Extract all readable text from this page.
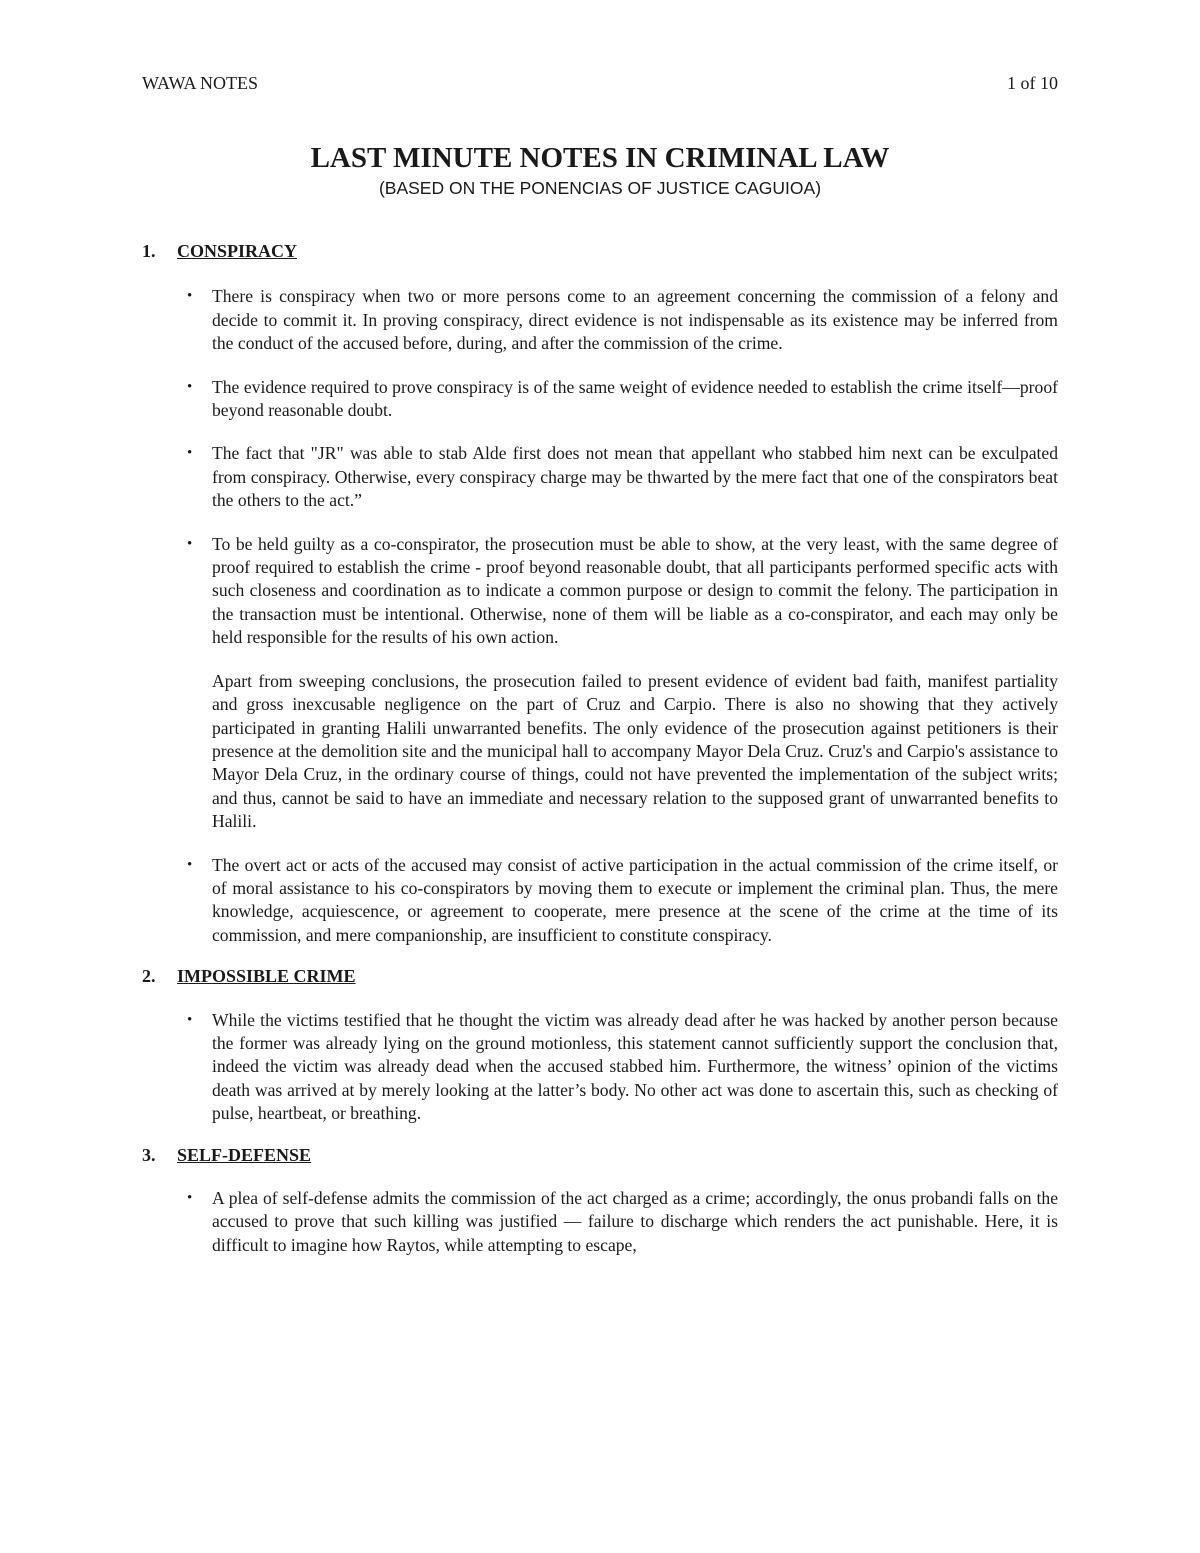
WAWA NOTES	1 of 10
LAST MINUTE NOTES IN CRIMINAL LAW
(BASED ON THE PONENCIAS OF JUSTICE CAGUIOA)
1.	CONSPIRACY
• There is conspiracy when two or more persons come to an agreement concerning the commission of a felony and decide to commit it. In proving conspiracy, direct evidence is not indispensable as its existence may be inferred from the conduct of the accused before, during, and after the commission of the crime.
• The evidence required to prove conspiracy is of the same weight of evidence needed to establish the crime itself—proof beyond reasonable doubt.
• The fact that "JR" was able to stab Alde first does not mean that appellant who stabbed him next can be exculpated from conspiracy. Otherwise, every conspiracy charge may be thwarted by the mere fact that one of the conspirators beat the others to the act.”
• To be held guilty as a co-conspirator, the prosecution must be able to show, at the very least, with the same degree of proof required to establish the crime - proof beyond reasonable doubt, that all participants performed specific acts with such closeness and coordination as to indicate a common purpose or design to commit the felony. The participation in the transaction must be intentional. Otherwise, none of them will be liable as a co-conspirator, and each may only be held responsible for the results of his own action.

Apart from sweeping conclusions, the prosecution failed to present evidence of evident bad faith, manifest partiality and gross inexcusable negligence on the part of Cruz and Carpio. There is also no showing that they actively participated in granting Halili unwarranted benefits. The only evidence of the prosecution against petitioners is their presence at the demolition site and the municipal hall to accompany Mayor Dela Cruz. Cruz's and Carpio's assistance to Mayor Dela Cruz, in the ordinary course of things, could not have prevented the implementation of the subject writs; and thus, cannot be said to have an immediate and necessary relation to the supposed grant of unwarranted benefits to Halili.

• The overt act or acts of the accused may consist of active participation in the actual commission of the crime itself, or of moral assistance to his co-conspirators by moving them to execute or implement the criminal plan. Thus, the mere knowledge, acquiescence, or agreement to cooperate, mere presence at the scene of the crime at the time of its commission, and mere companionship, are insufficient to constitute conspiracy.
2.	IMPOSSIBLE CRIME
• While the victims testified that he thought the victim was already dead after he was hacked by another person because the former was already lying on the ground motionless, this statement cannot sufficiently support the conclusion that, indeed the victim was already dead when the accused stabbed him. Furthermore, the witness’ opinion of the victims death was arrived at by merely looking at the latter’s body. No other act was done to ascertain this, such as checking of pulse, heartbeat, or breathing.
3.	SELF-DEFENSE
• A plea of self-defense admits the commission of the act charged as a crime; accordingly, the onus probandi falls on the accused to prove that such killing was justified — failure to discharge which renders the act punishable. Here, it is difficult to imagine how Raytos, while attempting to escape,
